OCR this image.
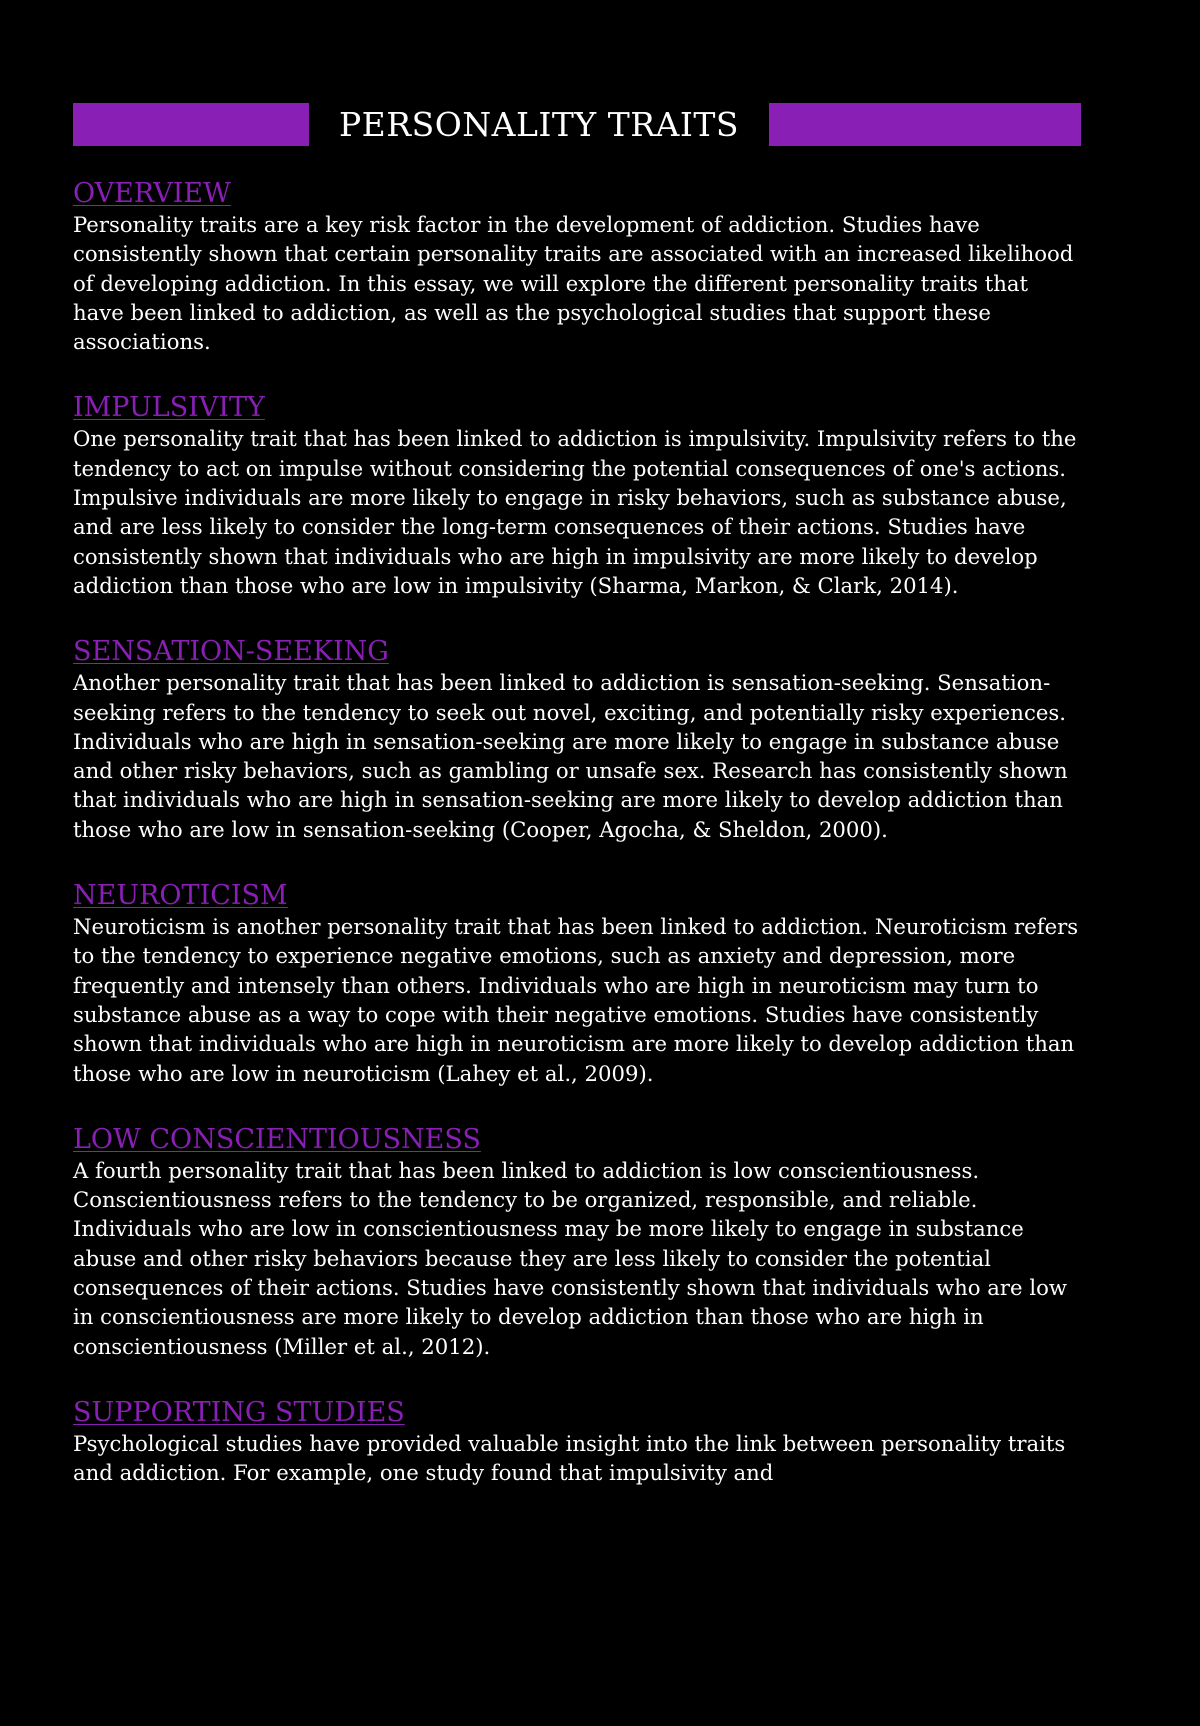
PERSONALITY TRAITS
OVERVIEW

Personality traits are a key risk factor in the development of addiction. Studies have consistently shown that certain personality traits are associated with an increased likelihood of developing addiction. In this essay, we will explore the different personality traits that have been linked to addiction, as well as the psychological studies that support these associations.

IMPULSIVITY

One personality trait that has been linked to addiction is impulsivity. Impulsivity refers to the tendency to act on impulse without considering the potential consequences of one's actions. Impulsive individuals are more likely to engage in risky behaviors, such as substance abuse, and are less likely to consider the long-term consequences of their actions. Studies have consistently shown that individuals who are high in impulsivity are more likely to develop addiction than those who are low in impulsivity (Sharma, Markon, & Clark, 2014).

SENSATION-SEEKING

Another personality trait that has been linked to addiction is sensation-seeking. Sensation-seeking refers to the tendency to seek out novel, exciting, and potentially risky experiences. Individuals who are high in sensation-seeking are more likely to engage in substance abuse and other risky behaviors, such as gambling or unsafe sex. Research has consistently shown that individuals who are high in sensation-seeking are more likely to develop addiction than those who are low in sensation-seeking (Cooper, Agocha, & Sheldon, 2000).

NEUROTICISM

Neuroticism is another personality trait that has been linked to addiction. Neuroticism refers to the tendency to experience negative emotions, such as anxiety and depression, more frequently and intensely than others. Individuals who are high in neuroticism may turn to substance abuse as a way to cope with their negative emotions. Studies have consistently shown that individuals who are high in neuroticism are more likely to develop addiction than those who are low in neuroticism (Lahey et al., 2009).

LOW CONSCIENTIOUSNESS

A fourth personality trait that has been linked to addiction is low conscientiousness. Conscientiousness refers to the tendency to be organized, responsible, and reliable. Individuals who are low in conscientiousness may be more likely to engage in substance abuse and other risky behaviors because they are less likely to consider the potential consequences of their actions. Studies have consistently shown that individuals who are low in conscientiousness are more likely to develop addiction than those who are high in conscientiousness (Miller et al., 2012).

SUPPORTING STUDIES

Psychological studies have provided valuable insight into the link between personality traits and addiction. For example, one study found that impulsivity and
